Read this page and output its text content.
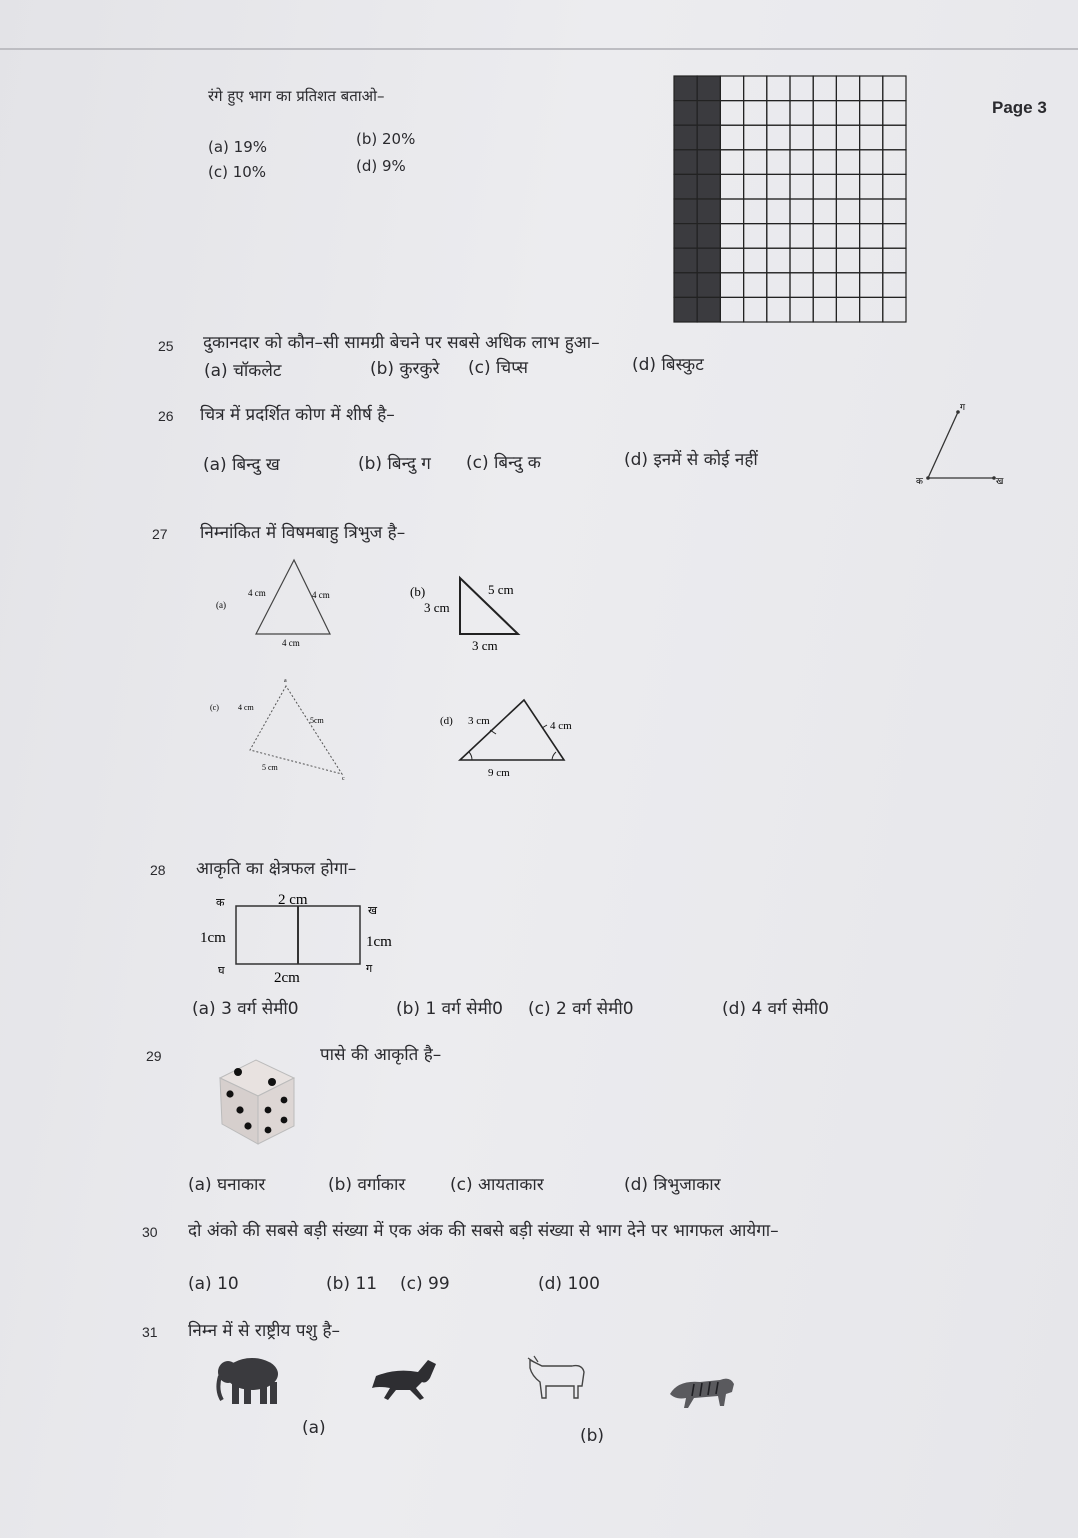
Page 3
रंगे हुए भाग का प्रतिशत बताओ–
(a) 19%	(b) 20%
(c) 10%	(d) 9%
25 दुकानदार को कौन–सी सामग्री बेचने पर सबसे अधिक लाभ हुआ–
(a) चॉकलेट	(b) कुरकुरे (c) चिप्स	(d) बिस्कुट
26 चित्र में प्रदर्शित कोण में शीर्ष है–
(a) बिन्दु ख	(b) बिन्दु ग (c) बिन्दु क	(d) इनमें से कोई नहीं
ग
क	ख
27 निम्नांकित में विषमबाहु त्रिभुज है–
(a)
4 cm	4 cm
4 cm
(b)
3 cm
5 cm
3 cm
(c) 4 cm
5cm
5 cm
a
c
(d) 3 cm	4 cm
9 cm
28 आकृति का क्षेत्रफल होगा–
2 cm
2cm
1cm	1cm
क
ख
ग
घ
(a) 3 वर्ग सेमी0	(b) 1 वर्ग सेमी0 (c) 2 वर्ग सेमी0	(d) 4 वर्ग सेमी0
29	पासे की आकृति है–
(a) घनाकार	(b) वर्गाकार	(c) आयताकार	(d) त्रिभुजाकार
30 दो अंको की सबसे बड़ी संख्या में एक अंक की सबसे बड़ी संख्या से भाग देने पर भागफल आयेगा–
(a) 10	(b) 11 (c) 99	(d) 100
31 निम्न में से राष्ट्रीय पशु है–
(a)	(b)
